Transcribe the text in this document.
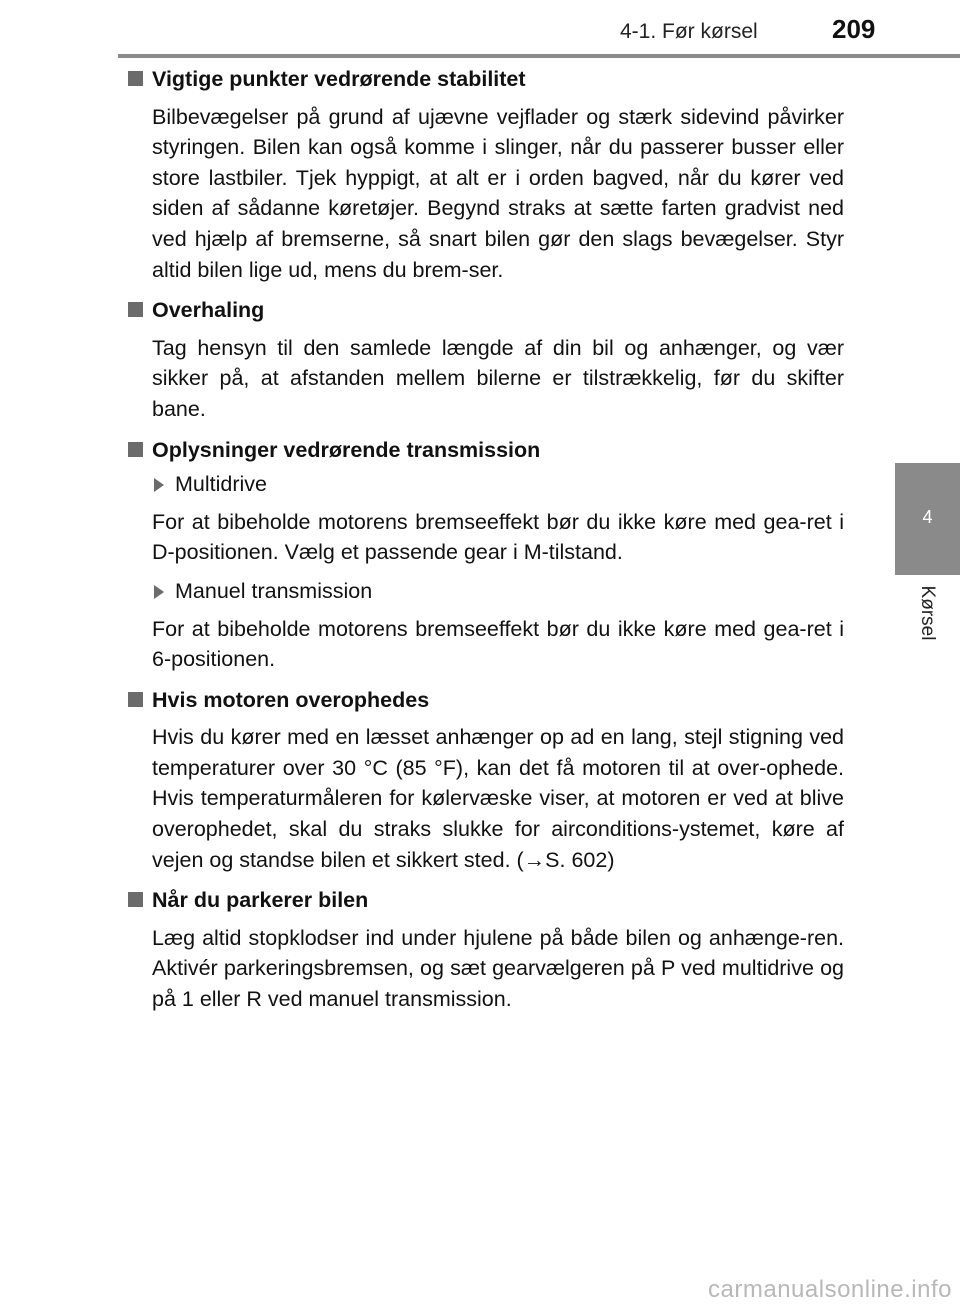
4-1. Før kørsel	209
4
Kørsel
Vigtige punkter vedrørende stabilitet
Bilbevægelser på grund af ujævne vejflader og stærk sidevind påvirker styringen. Bilen kan også komme i slinger, når du passerer busser eller store lastbiler. Tjek hyppigt, at alt er i orden bagved, når du kører ved siden af sådanne køretøjer. Begynd straks at sætte farten gradvist ned ved hjælp af bremserne, så snart bilen gør den slags bevægelser. Styr altid bilen lige ud, mens du brem-ser.
Overhaling
Tag hensyn til den samlede længde af din bil og anhænger, og vær sikker på, at afstanden mellem bilerne er tilstrækkelig, før du skifter bane.
Oplysninger vedrørende transmission
Multidrive
For at bibeholde motorens bremseeffekt bør du ikke køre med gea-ret i D-positionen. Vælg et passende gear i M-tilstand.
Manuel transmission
For at bibeholde motorens bremseeffekt bør du ikke køre med gea-ret i 6-positionen.
Hvis motoren overophedes
Hvis du kører med en læsset anhænger op ad en lang, stejl stigning ved temperaturer over 30 °C (85 °F), kan det få motoren til at over-ophede. Hvis temperaturmåleren for kølervæske viser, at motoren er ved at blive overophedet, skal du straks slukke for airconditions-ystemet, køre af vejen og standse bilen et sikkert sted. (→S. 602)
Når du parkerer bilen
Læg altid stopklodser ind under hjulene på både bilen og anhænge-ren. Aktivér parkeringsbremsen, og sæt gearvælgeren på P ved multidrive og på 1 eller R ved manuel transmission.
carmanualsonline.info
